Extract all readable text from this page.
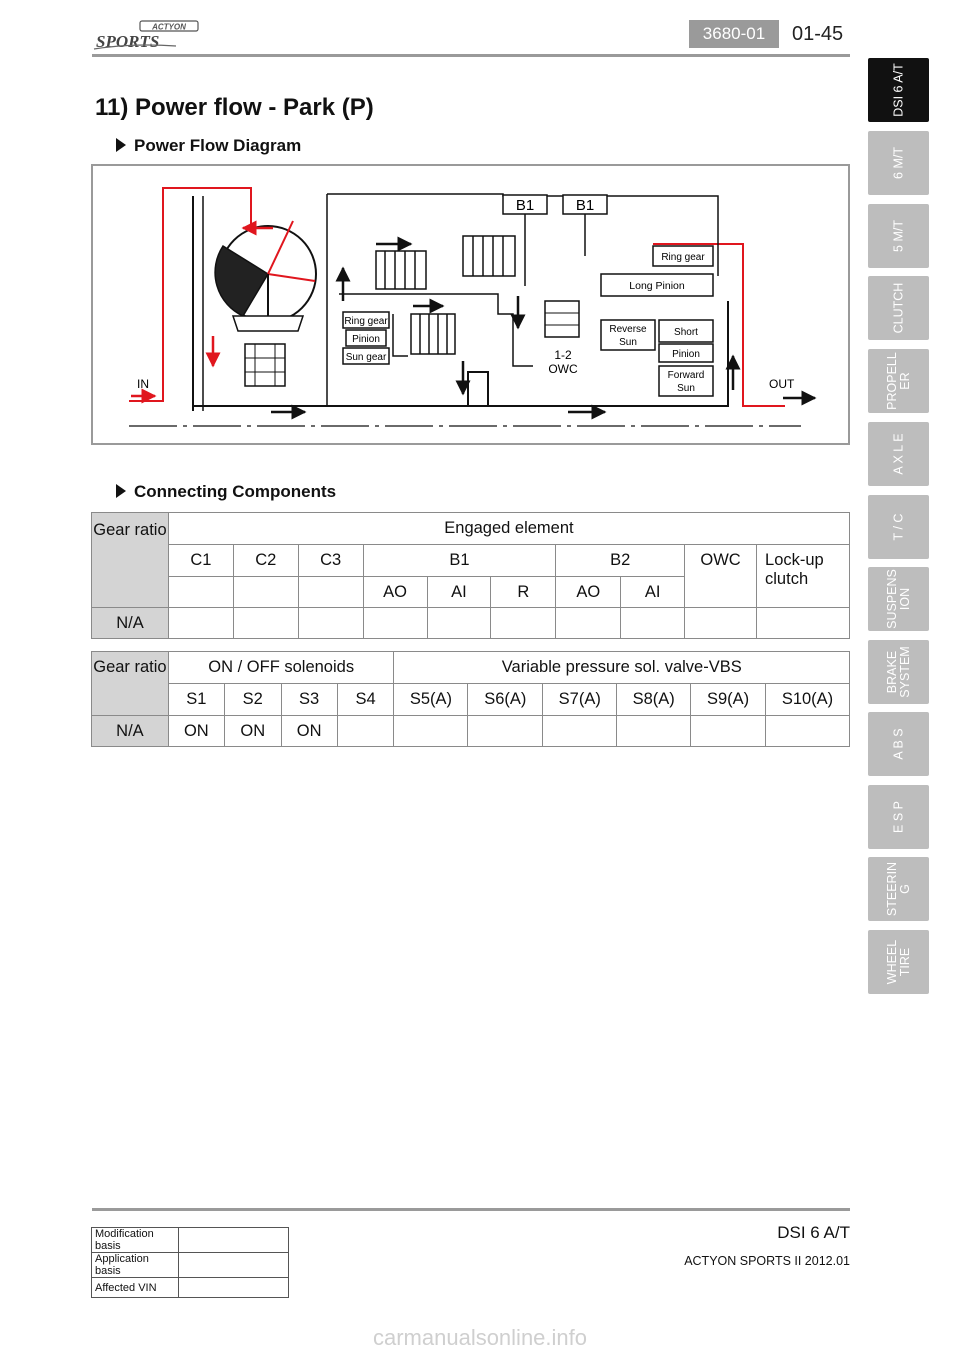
ACTYON
SPORTS	3680-01	01-45
DSI 6 A/T
6 M/T
5 M/T
CLUTCH
PROPELL
ER
A X L E
T / C
SUSPENS
ION
BRAKE
SYSTEM
A B S
E S P
STEERIN
G
WHEEL
TIRE
11) Power flow - Park (P)
Power Flow Diagram
B1	B1
Ring gear
Pinion
Sun gear	1-2
OWC
Ring gear
Long Pinion
Reverse
Sun
Short
Pinion
Forward
Sun
IN	OUT
Connecting Components
Gear ratio	Engaged element									
	C1	C2	C3	B1			B2		OWC	Lock-up clutch
				AO	AI	R	AO	AI		
N/A										
Gear ratio	ON / OFF solenoids				Variable pressure sol. valve-VBS					
	S1	S2	S3	S4	S5(A)	S6(A)	S7(A)	S8(A)	S9(A)	S10(A)
N/A	ON	ON	ON							
DSI 6 A/T
ACTYON SPORTS II 2012.01
Modification basis	
Application basis	
Affected VIN	
carmanualsonline.info
